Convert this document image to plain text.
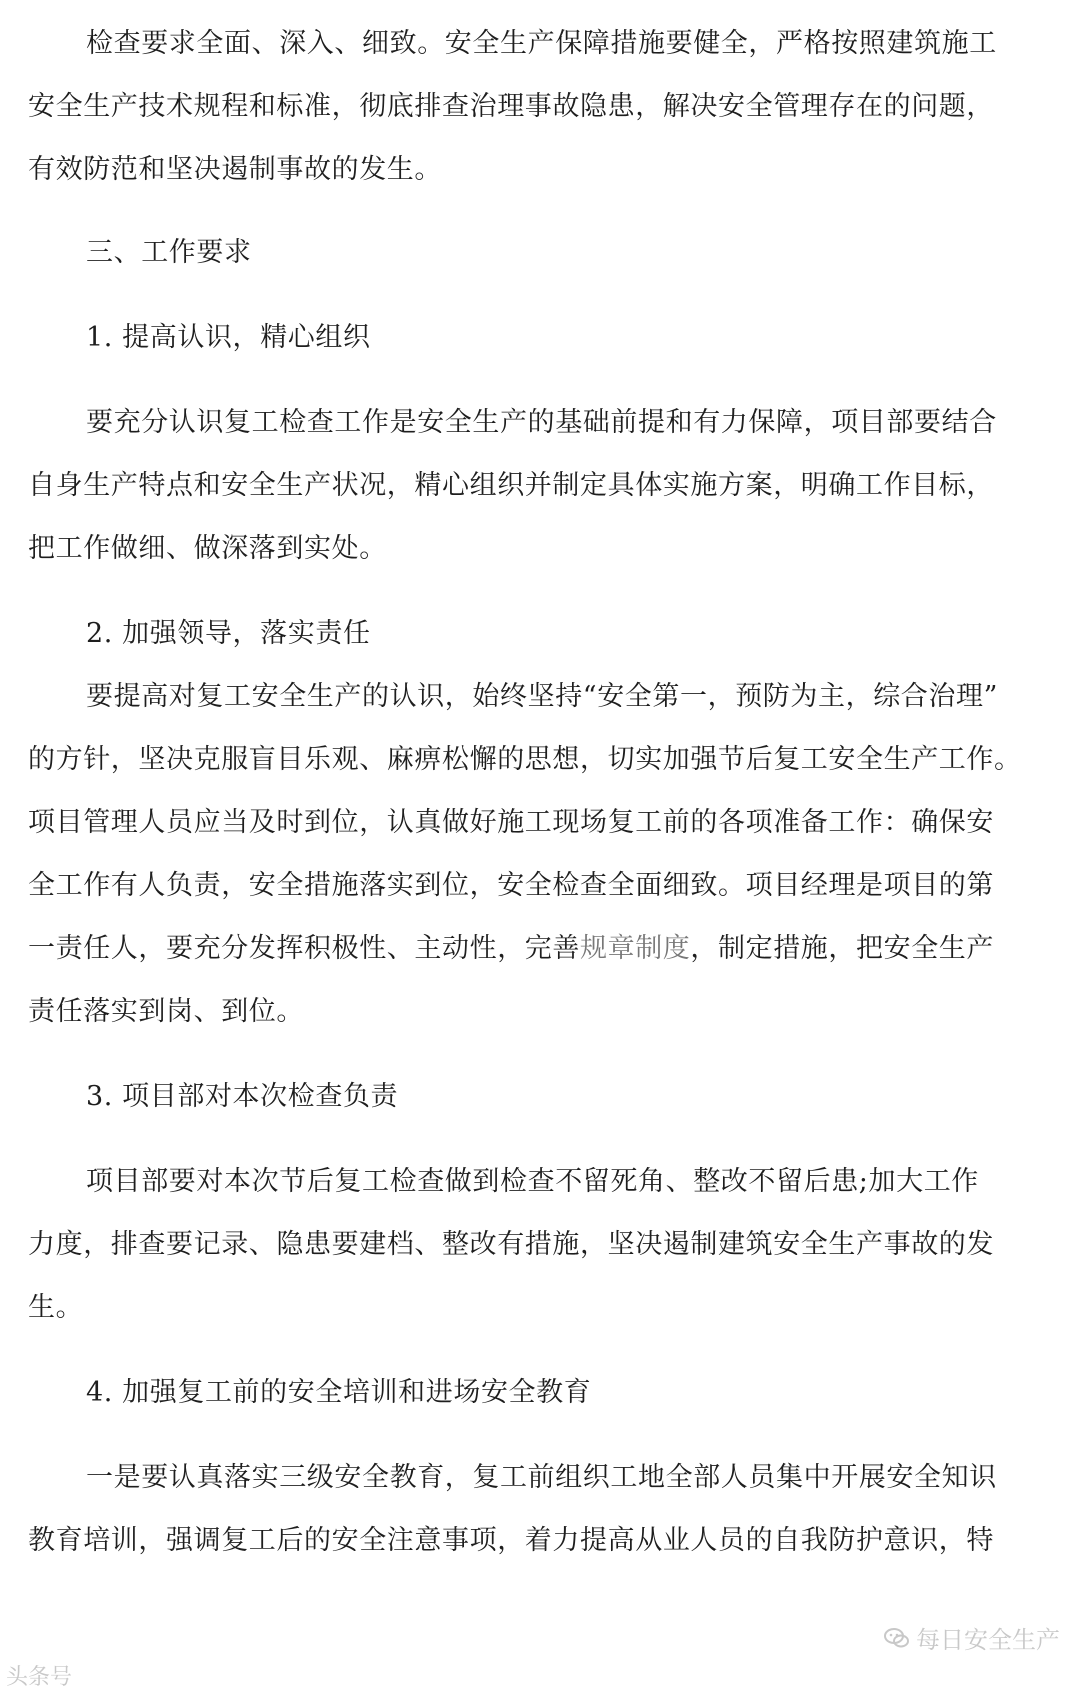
检查要求全面、深入、细致。安全生产保障措施要健全，严格按照建筑施工
安全生产技术规程和标准，彻底排查治理事故隐患，解决安全管理存在的问题，
有效防范和坚决遏制事故的发生。
三、工作要求
1. 提高认识，精心组织
要充分认识复工检查工作是安全生产的基础前提和有力保障，项目部要结合
自身生产特点和安全生产状况，精心组织并制定具体实施方案，明确工作目标，
把工作做细、做深落到实处。
2. 加强领导，落实责任
要提高对复工安全生产的认识，始终坚持“安全第一，预防为主，综合治理”
的方针，坚决克服盲目乐观、麻痹松懈的思想，切实加强节后复工安全生产工作。
项目管理人员应当及时到位，认真做好施工现场复工前的各项准备工作：确保安
全工作有人负责，安全措施落实到位，安全检查全面细致。项目经理是项目的第
一责任人，要充分发挥积极性、主动性，完善规章制度，制定措施，把安全生产
责任落实到岗、到位。
3. 项目部对本次检查负责
项目部要对本次节后复工检查做到检查不留死角、整改不留后患;加大工作
力度，排查要记录、隐患要建档、整改有措施，坚决遏制建筑安全生产事故的发
生。
4. 加强复工前的安全培训和进场安全教育
一是要认真落实三级安全教育，复工前组织工地全部人员集中开展安全知识
教育培训，强调复工后的安全注意事项，着力提高从业人员的自我防护意识，特
每日安全生产
头条号
